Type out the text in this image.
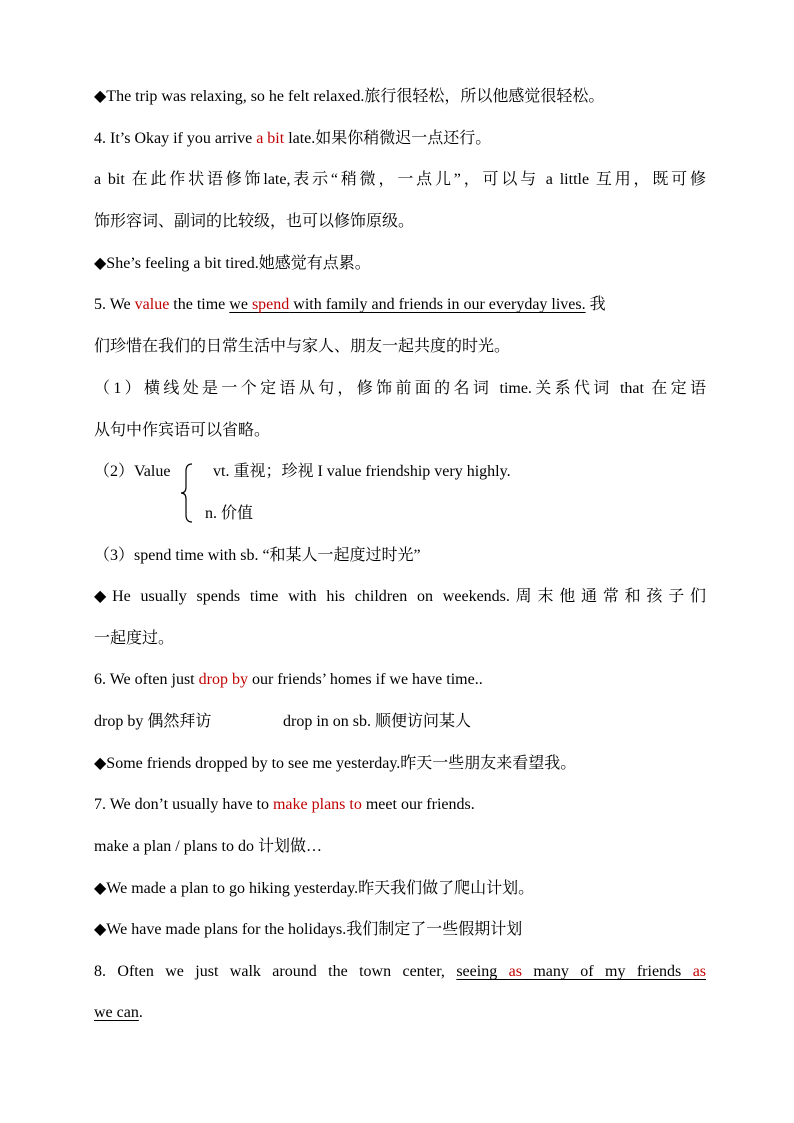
◆The trip was relaxing, so he felt relaxed.旅行很轻松，所以他感觉很轻松。
4. It’s Okay if you arrive a bit late.如果你稍微迟一点还行。
a bit 在此作状语修饰late,表示“稍微，一点儿”，可以与 a little 互用，既可修
饰形容词、副词的比较级，也可以修饰原级。
◆She’s feeling a bit tired.她感觉有点累。
5. We value the time we spend with family and friends in our everyday lives. 我
们珍惜在我们的日常生活中与家人、朋友一起共度的时光。
（1）横线处是一个定语从句，修饰前面的名词 time.关系代词 that 在定语
从句中作宾语可以省略。
（2）Value	vt. 重视；珍视 I value friendship very highly.
n. 价值
（3）spend time with sb. “和某人一起度过时光”
◆He usually spends time with his children on weekends.周末他通常和孩子们
一起度过。
6. We often just drop by our friends’ homes if we have time..
drop by 偶然拜访	drop in on sb. 顺便访问某人
◆Some friends dropped by to see me yesterday.昨天一些朋友来看望我。
7. We don’t usually have to make plans to meet our friends.
make a plan / plans to do 计划做…
◆We made a plan to go hiking yesterday.昨天我们做了爬山计划。
◆We have made plans for the holidays.我们制定了一些假期计划
8. Often we just walk around the town center, seeing as many of my friends as
we can.
